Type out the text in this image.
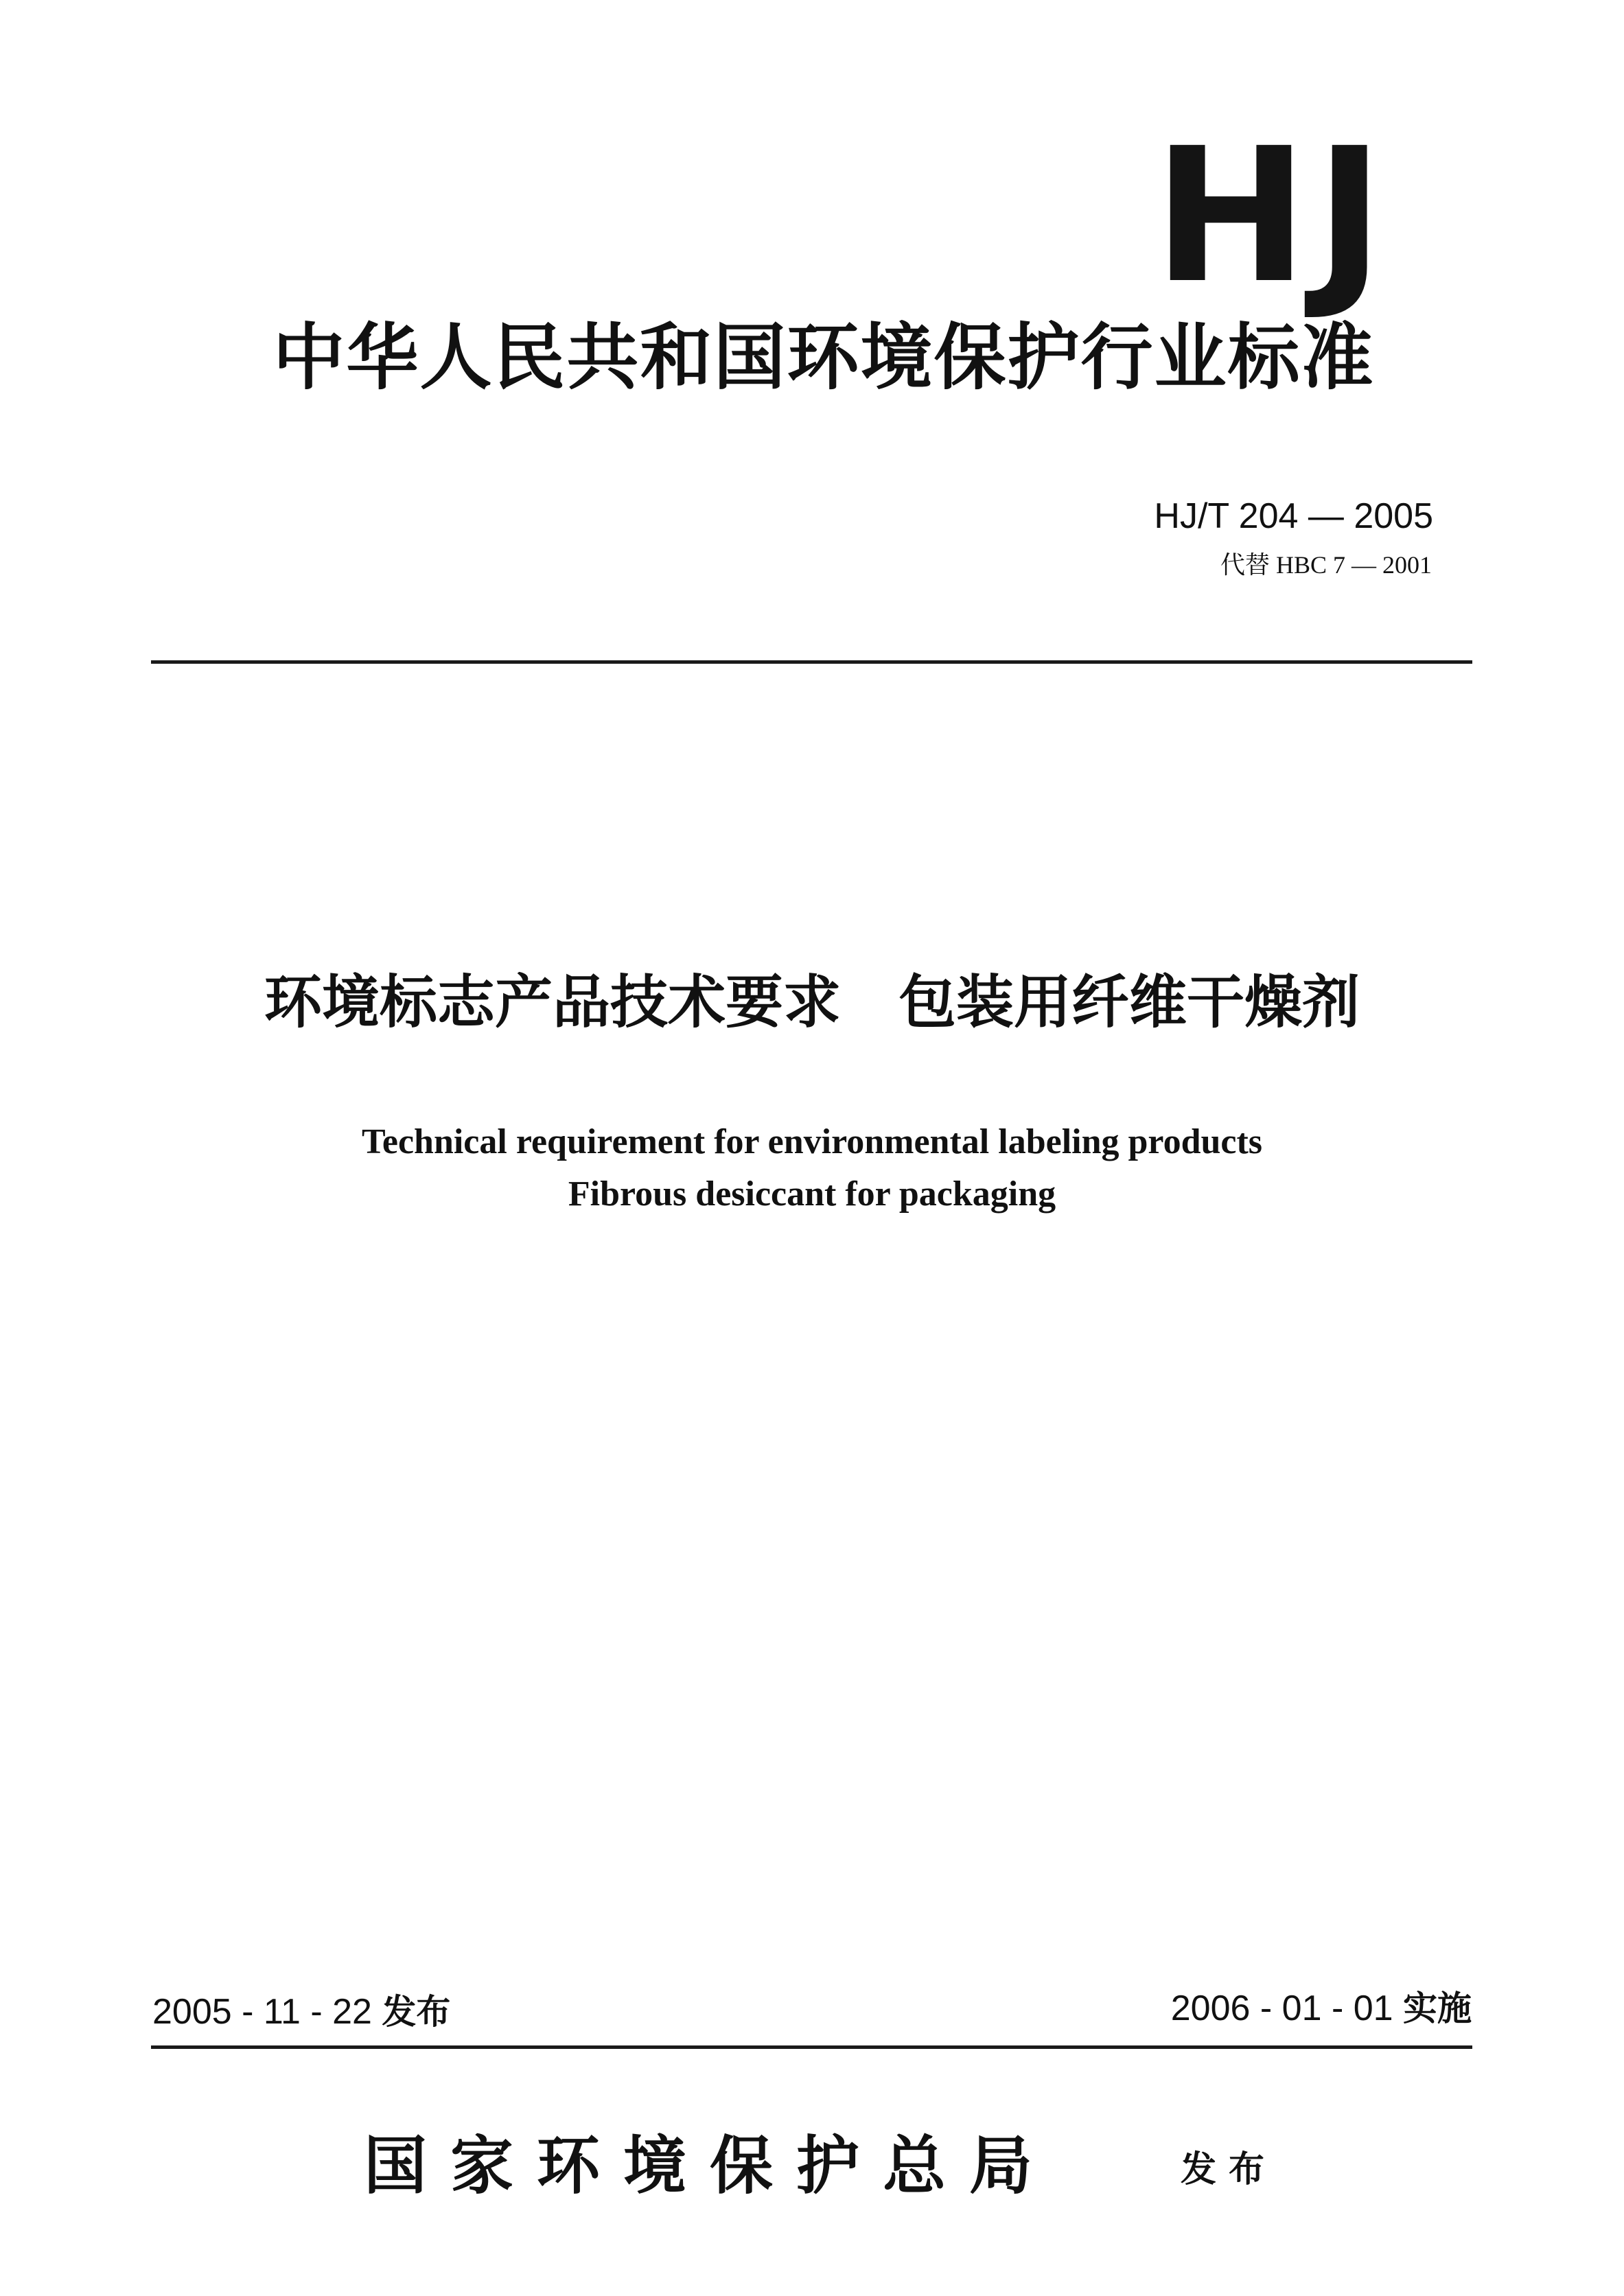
HJ
中华人民共和国环境保护行业标准
HJ/T 204 — 2005
代替 HBC 7 — 2001
环境标志产品技术要求　包装用纤维干燥剂
Technical requirement for environmental labeling products
Fibrous desiccant for packaging
2005 - 11 - 22 发布	2006 - 01 - 01 实施
国家环境保护总局	发布
